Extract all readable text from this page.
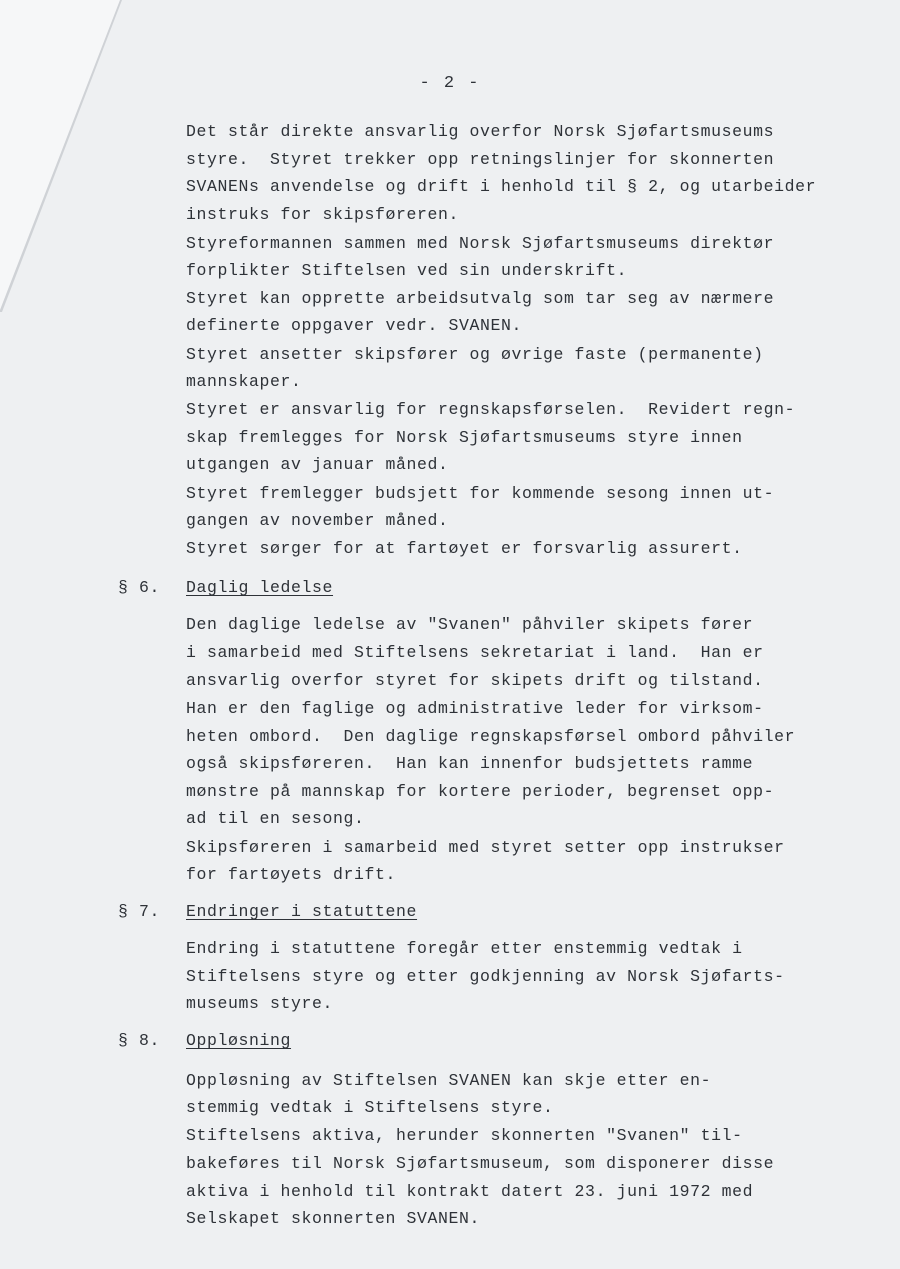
- 2 -
Det står direkte ansvarlig overfor Norsk Sjøfartsmuseums
styre.  Styret trekker opp retningslinjer for skonnerten
SVANENs anvendelse og drift i henhold til § 2, og utarbeider
instruks for skipsføreren.
Styreformannen sammen med Norsk Sjøfartsmuseums direktør
forplikter Stiftelsen ved sin underskrift.
Styret kan opprette arbeidsutvalg som tar seg av nærmere
definerte oppgaver vedr. SVANEN.
Styret ansetter skipsfører og øvrige faste (permanente)
mannskaper.
Styret er ansvarlig for regnskapsførselen.  Revidert regn-
skap fremlegges for Norsk Sjøfartsmuseums styre innen
utgangen av januar måned.
Styret fremlegger budsjett for kommende sesong innen ut-
gangen av november måned.
Styret sørger for at fartøyet er forsvarlig assurert.
§ 6. Daglig ledelse
Den daglige ledelse av "Svanen" påhviler skipets fører
i samarbeid med Stiftelsens sekretariat i land.  Han er
ansvarlig overfor styret for skipets drift og tilstand.
Han er den faglige og administrative leder for virksom-
heten ombord.  Den daglige regnskapsførsel ombord påhviler
også skipsføreren.  Han kan innenfor budsjettets ramme
mønstre på mannskap for kortere perioder, begrenset opp-
ad til en sesong.
Skipsføreren i samarbeid med styret setter opp instrukser
for fartøyets drift.
§ 7. Endringer i statuttene
Endring i statuttene foregår etter enstemmig vedtak i
Stiftelsens styre og etter godkjenning av Norsk Sjøfarts-
museums styre.
§ 8. Oppløsning
Oppløsning av Stiftelsen SVANEN kan skje etter en-
stemmig vedtak i Stiftelsens styre.
Stiftelsens aktiva, herunder skonnerten "Svanen" til-
bakeføres til Norsk Sjøfartsmuseum, som disponerer disse
aktiva i henhold til kontrakt datert 23. juni 1972 med
Selskapet skonnerten SVANEN.
